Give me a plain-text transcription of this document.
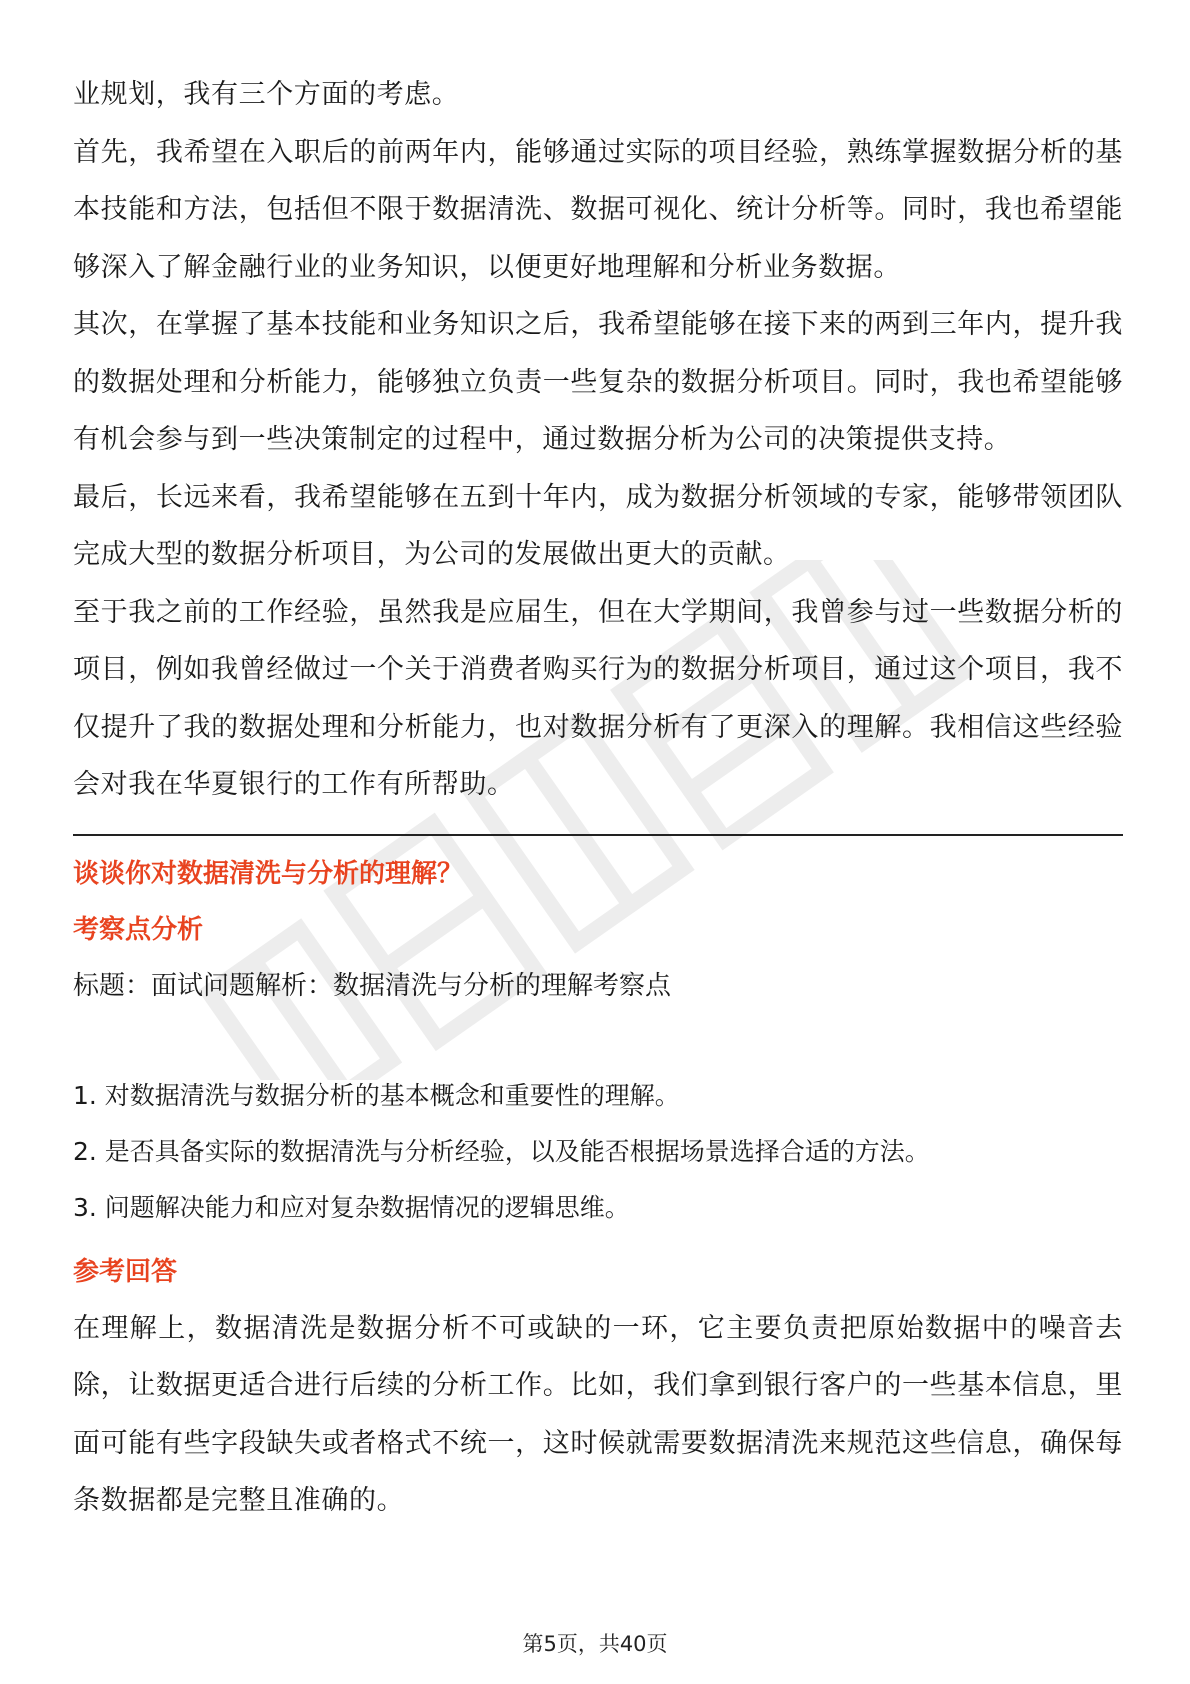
业规划，我有三个方面的考虑。

首先，我希望在入职后的前两年内，能够通过实际的项目经验，熟练掌握数据分析的基本技能和方法，包括但不限于数据清洗、数据可视化、统计分析等。同时，我也希望能够深入了解金融行业的业务知识，以便更好地理解和分析业务数据。

其次，在掌握了基本技能和业务知识之后，我希望能够在接下来的两到三年内，提升我的数据处理和分析能力，能够独立负责一些复杂的数据分析项目。同时，我也希望能够有机会参与到一些决策制定的过程中，通过数据分析为公司的决策提供支持。

最后，长远来看，我希望能够在五到十年内，成为数据分析领域的专家，能够带领团队完成大型的数据分析项目，为公司的发展做出更大的贡献。

至于我之前的工作经验，虽然我是应届生，但在大学期间，我曾参与过一些数据分析的项目，例如我曾经做过一个关于消费者购买行为的数据分析项目，通过这个项目，我不仅提升了我的数据处理和分析能力，也对数据分析有了更深入的理解。我相信这些经验会对我在华夏银行的工作有所帮助。

谈谈你对数据清洗与分析的理解？

考察点分析

标题：面试问题解析：数据清洗与分析的理解考察点

1. 对数据清洗与数据分析的基本概念和重要性的理解。
2. 是否具备实际的数据清洗与分析经验，以及能否根据场景选择合适的方法。
3. 问题解决能力和应对复杂数据情况的逻辑思维。

参考回答

在理解上，数据清洗是数据分析不可或缺的一环，它主要负责把原始数据中的噪音去除，让数据更适合进行后续的分析工作。比如，我们拿到银行客户的一些基本信息，里面可能有些字段缺失或者格式不统一，这时候就需要数据清洗来规范这些信息，确保每条数据都是完整且准确的。

第5页，共40页
